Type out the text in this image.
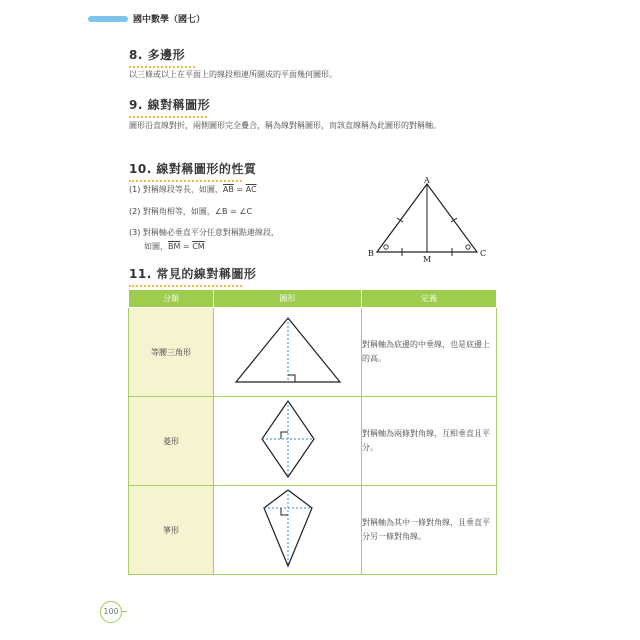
國中數學（國七）
8. 多邊形
以三條或以上在平面上的線段相連所圍成的平面幾何圖形。
9. 線對稱圖形
圖形沿直線對折，兩側圖形完全疊合，稱為線對稱圖形，而該直線稱為此圖形的對稱軸。
10. 線對稱圖形的性質
(1) 對稱線段等長，如圖，$\overline{AB} = \overline{AC}$
(2) 對稱角相等，如圖，∠B = ∠C
(3) 對稱軸必垂直平分任意對稱點連線段，
如圖，$\overline{BM} = \overline{CM}$
A
B	C
M
11. 常見的線對稱圖形
分類	圖形	定義
等腰三角形		對稱軸為底邊的中垂線，也是底邊上的高。
菱形		對稱軸為兩條對角線，互相垂直且平分。
箏形		對稱軸為其中一條對角線，且垂直平分另一條對角線。
100
